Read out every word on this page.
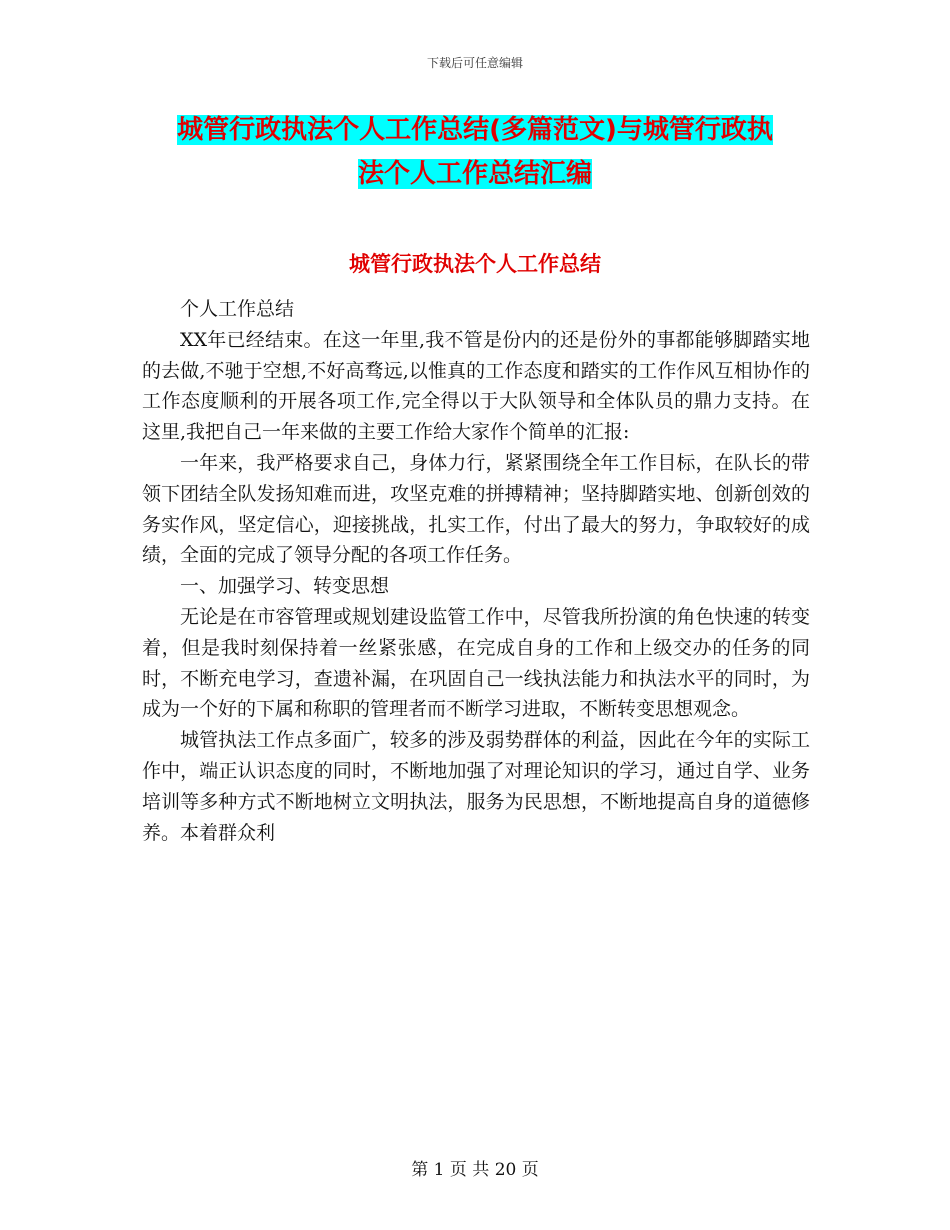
下载后可任意编辑
城管行政执法个人工作总结(多篇范文)与城管行政执
法个人工作总结汇编
城管行政执法个人工作总结

个人工作总结

XX年已经结束。在这一年里,我不管是份内的还是份外的事都能够脚踏实地的去做,不驰于空想,不好高骛远,以惟真的工作态度和踏实的工作作风互相协作的工作态度顺利的开展各项工作,完全得以于大队领导和全体队员的鼎力支持。在这里,我把自己一年来做的主要工作给大家作个简单的汇报:

一年来，我严格要求自己，身体力行，紧紧围绕全年工作目标，在队长的带领下团结全队发扬知难而进，攻坚克难的拼搏精神；坚持脚踏实地、创新创效的务实作风，坚定信心，迎接挑战，扎实工作，付出了最大的努力，争取较好的成绩，全面的完成了领导分配的各项工作任务。

一、加强学习、转变思想

无论是在市容管理或规划建设监管工作中，尽管我所扮演的角色快速的转变着，但是我时刻保持着一丝紧张感，在完成自身的工作和上级交办的任务的同时，不断充电学习，查遗补漏，在巩固自己一线执法能力和执法水平的同时，为成为一个好的下属和称职的管理者而不断学习进取，不断转变思想观念。

城管执法工作点多面广，较多的涉及弱势群体的利益，因此在今年的实际工作中，端正认识态度的同时，不断地加强了对理论知识的学习，通过自学、业务培训等多种方式不断地树立文明执法，服务为民思想，不断地提高自身的道德修养。本着群众利

第 1 页 共 20 页
